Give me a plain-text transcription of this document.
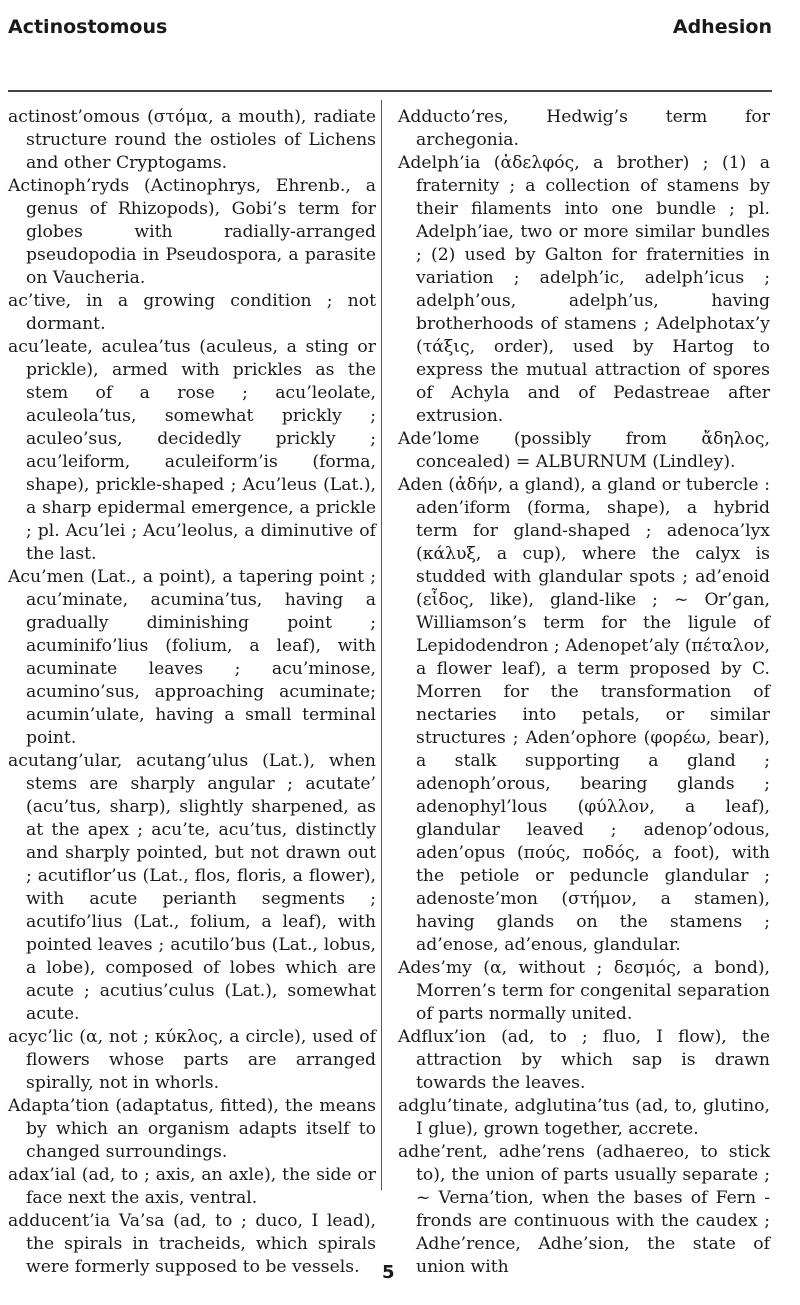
Actinostomous	Adhesion

actinost’omous (στόμα, a mouth), radiate structure round the ostioles of Lichens and other Cryptogams.

Actinoph’ryds (Actinophrys, Ehrenb., a genus of Rhizopods), Gobi’s term for globes with radially-arranged pseudopodia in Pseudospora, a parasite on Vaucheria.

ac’tive, in a growing condition ; not dormant.

acu’leate, aculea’tus (aculeus, a sting or prickle), armed with prickles as the stem of a rose ; acu’leolate, aculeola’tus, somewhat prickly ; aculeo’sus, decidedly prickly ; acu’leiform, aculeiform’is (forma, shape), prickle-shaped ; Acu’leus (Lat.), a sharp epidermal emergence, a prickle ; pl. Acu’lei ; Acu’leolus, a diminutive of the last.

Acu’men (Lat., a point), a tapering point ; acu’minate, acumina’tus, having a gradually diminishing point ; acuminifo’lius (folium, a leaf), with acuminate leaves ; acu’minose, acumino’sus, approaching acuminate; acumin’ulate, having a small terminal point.

acutang’ular, acutang’ulus (Lat.), when stems are sharply angular ; acutate’ (acu’tus, sharp), slightly sharpened, as at the apex ; acu’te, acu’tus, distinctly and sharply pointed, but not drawn out ; acutiflor’us (Lat., flos, floris, a flower), with acute perianth segments ; acutifo’lius (Lat., folium, a leaf), with pointed leaves ; acutilo’bus (Lat., lobus, a lobe), composed of lobes which are acute ; acutius’culus (Lat.), somewhat acute.

acyc’lic (α, not ; κύκλος, a circle), used of flowers whose parts are arranged spirally, not in whorls.

Adapta’tion (adaptatus, fitted), the means by which an organism adapts itself to changed surroundings.

adax’ial (ad, to ; axis, an axle), the side or face next the axis, ventral.

adducent’ia Va’sa (ad, to ; duco, I lead), the spirals in tracheids, which spirals were formerly supposed to be vessels.

Adducto’res, Hedwig’s term for archegonia.

Adelph’ia (ἀδελφός, a brother) ; (1) a fraternity ; a collection of stamens by their filaments into one bundle ; pl. Adelph’iae, two or more similar bundles ; (2) used by Galton for fraternities in variation ; adelph’ic, adelph’icus ; adelph’ous, adelph’us, having brotherhoods of stamens ; Adelphotax’y (τάξις, order), used by Hartog to express the mutual attraction of spores of Achyla and of Pedastreae after extrusion.

Ade’lome (possibly from ἄδηλος, concealed) = ALBURNUM (Lindley).

Aden (ἀδήν, a gland), a gland or tubercle : aden’iform (forma, shape), a hybrid term for gland-shaped ; adenoca’lyx (κάλυξ, a cup), where the calyx is studded with glandular spots ; ad’enoid (εἶδος, like), gland-like ; ~ Or’gan, Williamson’s term for the ligule of Lepidodendron ; Adenopet’aly (πέταλον, a flower leaf), a term proposed by C. Morren for the transformation of nectaries into petals, or similar structures ; Aden’ophore (φορέω, bear), a stalk supporting a gland ; adenoph’orous, bearing glands ; adenophyl’lous (φύλλον, a leaf), glandular leaved ; adenop’odous, aden’opus (πούς, ποδός, a foot), with the petiole or peduncle glandular ; adenoste’mon (στήμον, a stamen), having glands on the stamens ; ad’enose, ad’enous, glandular.

Ades’my (α, without ; δεσμός, a bond), Morren’s term for congenital separation of parts normally united.

Adflux’ion (ad, to ; fluo, I flow), the attraction by which sap is drawn towards the leaves.

adglu’tinate, adglutina’tus (ad, to, glutino, I glue), grown together, accrete.

adhe’rent, adhe’rens (adhaereo, to stick to), the union of parts usually separate ; ~ Verna’tion, when the bases of Fern - fronds are continuous with the caudex ; Adhe’rence, Adhe’sion, the state of union with

5
